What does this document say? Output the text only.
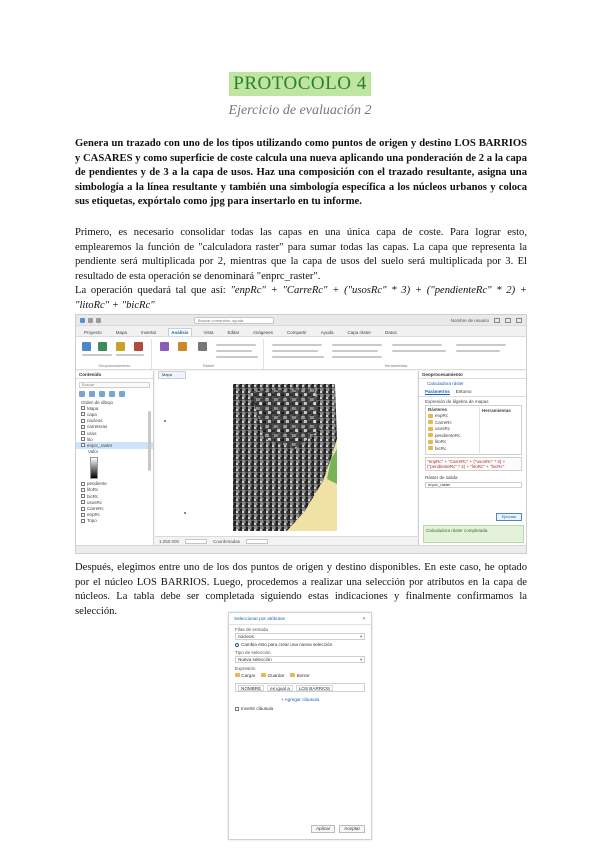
PROTOCOLO 4
Ejercicio de evaluación 2

Genera un trazado con uno de los tipos utilizando como puntos de origen y destino LOS BARRIOS y CASARES y como superficie de coste calcula una nueva aplicando una ponderación de 2 a la capa de pendientes y de 3 a la capa de usos. Haz una composición con el trazado resultante, asigna una simbología a la línea resultante y también una simbología específica a los núcleos urbanos y coloca sus etiquetas, expórtalo como jpg para insertarlo en tu informe.

Primero, es necesario consolidar todas las capas en una única capa de coste. Para lograr esto, emplearemos la función de "calculadora raster" para sumar todas las capas. La capa que representa la pendiente será multiplicada por 2, mientras que la capa de usos del suelo será multiplicada por 3. El resultado de esta operación se denominará "enprc_raster".

La operación quedará tal que así: "enpRc" + "CarreRc" + ("usosRc" * 3) + ("pendienteRc" * 2) + "litoRc" + "bicRc"

Buscar comandos, ayuda	Nombre de usuario
Proyecto	Mapa	Insertar	Análisis	Vista	Editar	Imágenes	Compartir	Ayuda	Capa ráster	Datos
Geoprocesamiento	Ráster	Herramientas
Contenido
Buscar
Orden de dibujo
Mapa
capa
núcleos
carreteras
usos
lito
enprc_raster
Valor
pendiente
litoRc
bicRc
usosRc
CarreRc
enpRc
Topo
Mapa
1:250.000	Coordenadas
Geoprocesamiento
Calculadora ráster
Parámetros Entorno
Expresión de álgebra de mapas
Rásteres
enpRc
CarreRc
usosRc
pendienteRc
litoRc
bicRc
Herramientas
"enpRc" + "CarreRc" + ("usosRc" * 3) + ("pendienteRc" * 2) + "litoRc" + "bicRc"
Ráster de salida
enprc_raster
Ejecutar
Calculadora ráster completada.

Después, elegimos entre uno de los dos puntos de origen y destino disponibles. En este caso, he optado por el núcleo LOS BARRIOS. Luego, procedemos a realizar una selección por atributos en la capa de núcleos. La tabla debe ser completada siguiendo estas indicaciones y finalmente confirmamos la selección.

Seleccionar por atributos	✕
Filas de entrada
núcleos	▾
Cambia esto para crear una nueva selección
Tipo de selección
Nueva selección	▾
Expresión
Cargar	Guardar	Borrar
NOMBRE	es igual a	LOS BARRIOS
+ Agregar cláusula
Invertir cláusula
Aplicar	Aceptar
